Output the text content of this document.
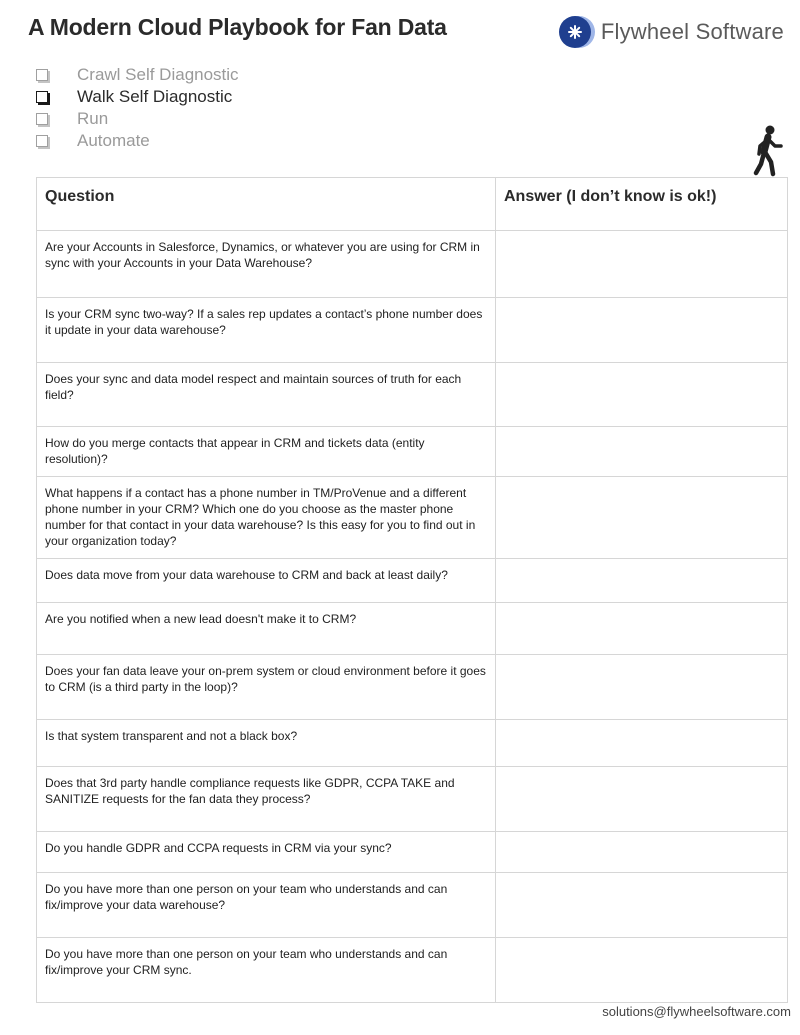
A Modern Cloud Playbook for Fan Data	Flywheel Software
Crawl Self Diagnostic
Walk Self Diagnostic
Run
Automate
Question	Answer (I don’t know is ok!)
Are your Accounts in Salesforce, Dynamics, or whatever you are using for CRM in sync with your Accounts in your Data Warehouse?	
Is your CRM sync two-way? If a sales rep updates a contact’s phone number does it update in your data warehouse?	
Does your sync and data model respect and maintain sources of truth for each field?	
How do you merge contacts that appear in CRM and tickets data (entity resolution)?	
What happens if a contact has a phone number in TM/ProVenue and a different phone number in your CRM? Which one do you choose as the master phone number for that contact in your data warehouse? Is this easy for you to find out in your organization today?	
Does data move from your data warehouse to CRM and back at least daily?	
Are you notified when a new lead doesn't make it to CRM?	
Does your fan data leave your on-prem system or cloud environment before it goes to CRM (is a third party in the loop)?	
Is that system transparent and not a black box?	
Does that 3rd party handle compliance requests like GDPR, CCPA TAKE and SANITIZE requests for the fan data they process?	
Do you handle GDPR and CCPA requests in CRM via your sync?	
Do you have more than one person on your team who understands and can fix/improve your data warehouse?	
Do you have more than one person on your team who understands and can fix/improve your CRM sync.	
solutions@flywheelsoftware.com
